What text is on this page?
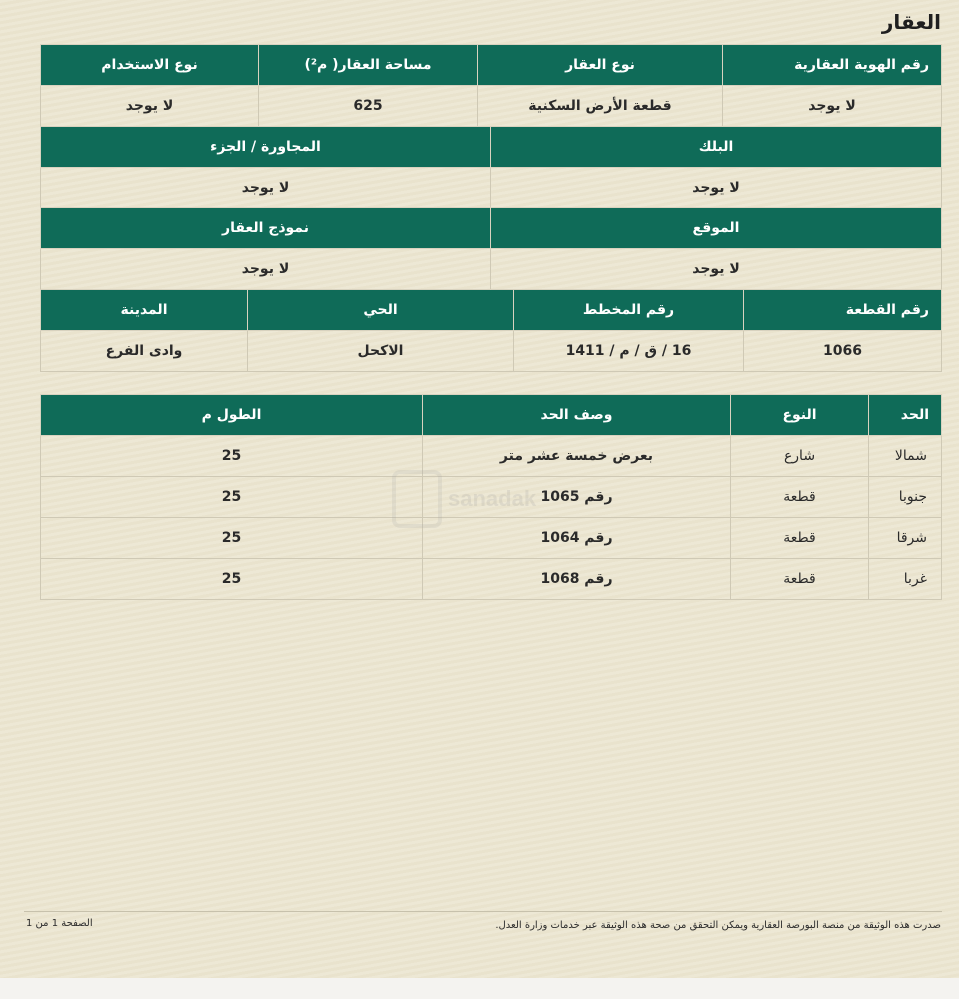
العقار
رقم الهوية العقارية	نوع العقار	مساحة العقار( م²)	نوع الاستخدام
لا يوجد	قطعة الأرض السكنية	625	لا يوجد
البلك	المجاورة / الجزء
لا يوجد	لا يوجد
الموقع	نموذج العقار
لا يوجد	لا يوجد
رقم القطعة	رقم المخطط	الحي	المدينة
1066	16 / ق / م / 1411	الاكحل	وادى الفرع
الحد	النوع	وصف الحد	الطول م
شمالا	شارع	بعرض خمسة عشر متر	25
جنوبا	قطعة	رقم 1065	25
شرقا	قطعة	رقم 1064	25
غربا	قطعة	رقم 1068	25
sanadak
صدرت هذه الوثيقة من منصة البورصة العقارية ويمكن التحقق من صحة هذه الوثيقة عبر خدمات وزارة العدل.
الصفحة 1 من 1
